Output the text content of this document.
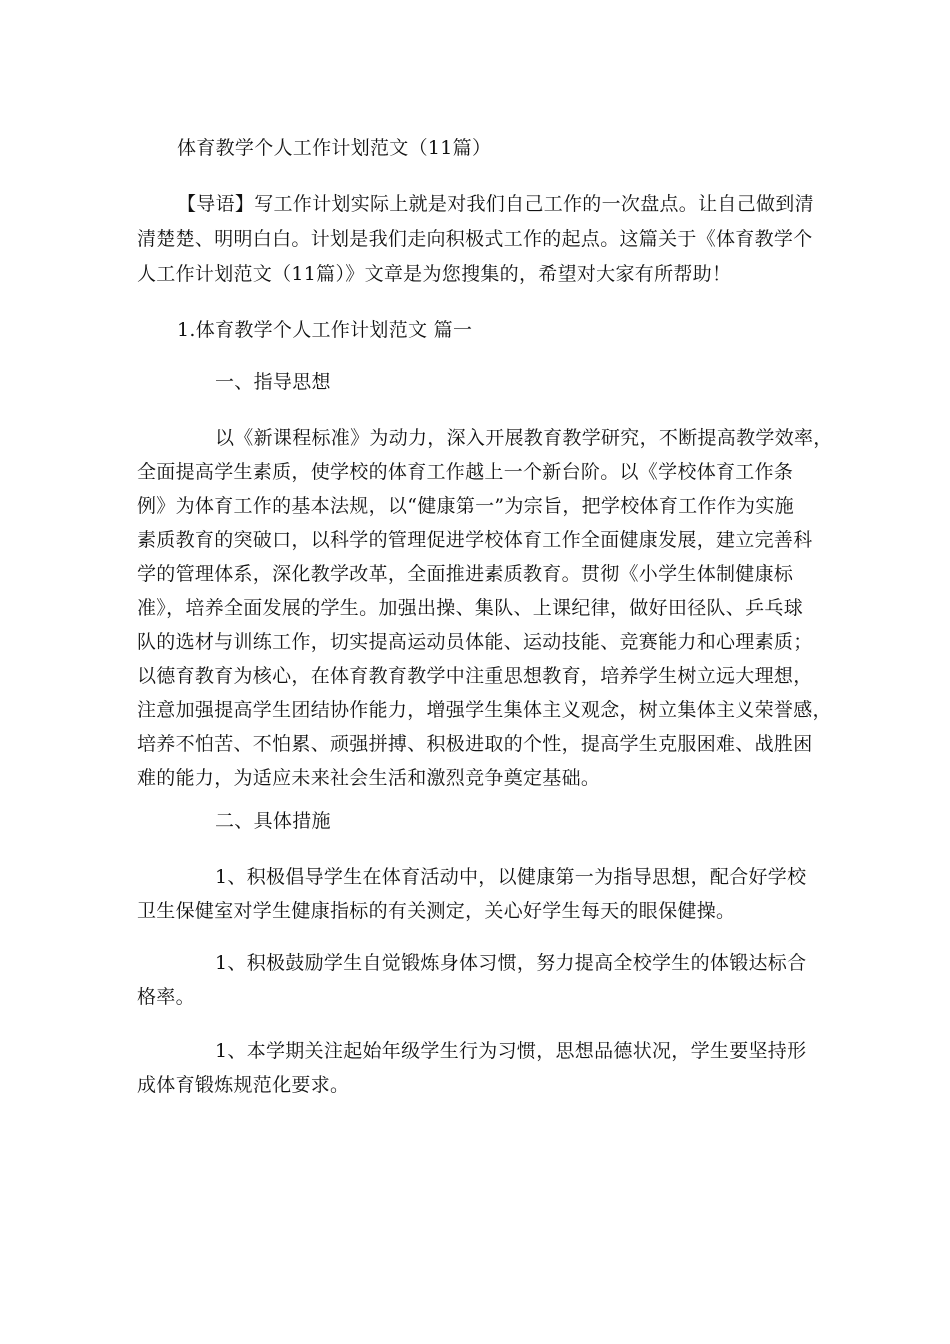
体育教学个人工作计划范文（11篇）
【导语】写工作计划实际上就是对我们自己工作的一次盘点。让自己做到清
清楚楚、明明白白。计划是我们走向积极式工作的起点。这篇关于《体育教学个
人工作计划范文（11篇）》文章是为您搜集的，希望对大家有所帮助！
1.体育教学个人工作计划范文 篇一
一、指导思想
以《新课程标准》为动力，深入开展教育教学研究，不断提高教学效率，
全面提高学生素质，使学校的体育工作越上一个新台阶。以《学校体育工作条
例》为体育工作的基本法规，以“健康第一”为宗旨，把学校体育工作作为实施
素质教育的突破口，以科学的管理促进学校体育工作全面健康发展，建立完善科
学的管理体系，深化教学改革，全面推进素质教育。贯彻《小学生体制健康标
准》，培养全面发展的学生。加强出操、集队、上课纪律，做好田径队、乒乓球
队的选材与训练工作，切实提高运动员体能、运动技能、竞赛能力和心理素质；
以德育教育为核心，在体育教育教学中注重思想教育，培养学生树立远大理想，
注意加强提高学生团结协作能力，增强学生集体主义观念，树立集体主义荣誉感，
培养不怕苦、不怕累、顽强拼搏、积极进取的个性，提高学生克服困难、战胜困
难的能力，为适应未来社会生活和激烈竞争奠定基础。
二、具体措施
1、积极倡导学生在体育活动中，以健康第一为指导思想，配合好学校
卫生保健室对学生健康指标的有关测定，关心好学生每天的眼保健操。
1、积极鼓励学生自觉锻炼身体习惯，努力提高全校学生的体锻达标合
格率。
1、本学期关注起始年级学生行为习惯，思想品德状况，学生要坚持形
成体育锻炼规范化要求。
